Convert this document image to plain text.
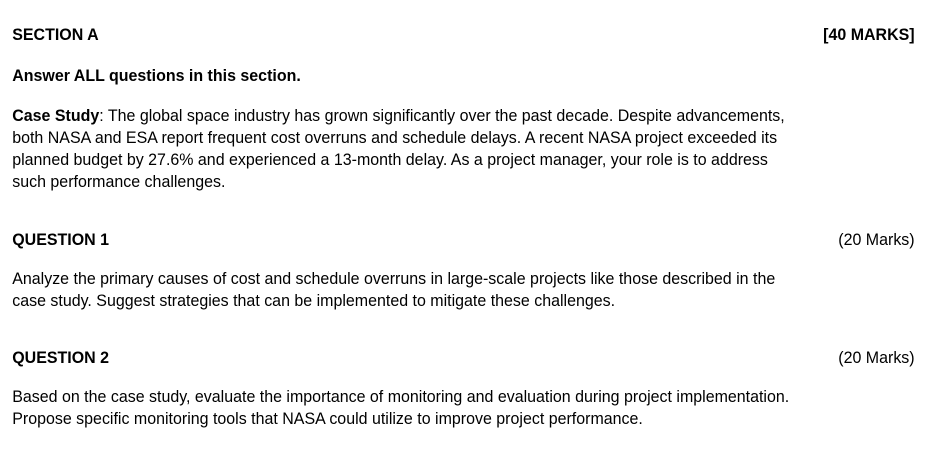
SECTION A	[40 MARKS]

Answer ALL questions in this section.

Case Study: The global space industry has grown significantly over the past decade. Despite advancements, both NASA and ESA report frequent cost overruns and schedule delays. A recent NASA project exceeded its planned budget by 27.6% and experienced a 13-month delay. As a project manager, your role is to address such performance challenges.

QUESTION 1	(20 Marks)

Analyze the primary causes of cost and schedule overruns in large-scale projects like those described in the case study. Suggest strategies that can be implemented to mitigate these challenges.

QUESTION 2	(20 Marks)

Based on the case study, evaluate the importance of monitoring and evaluation during project implementation. Propose specific monitoring tools that NASA could utilize to improve project performance.
